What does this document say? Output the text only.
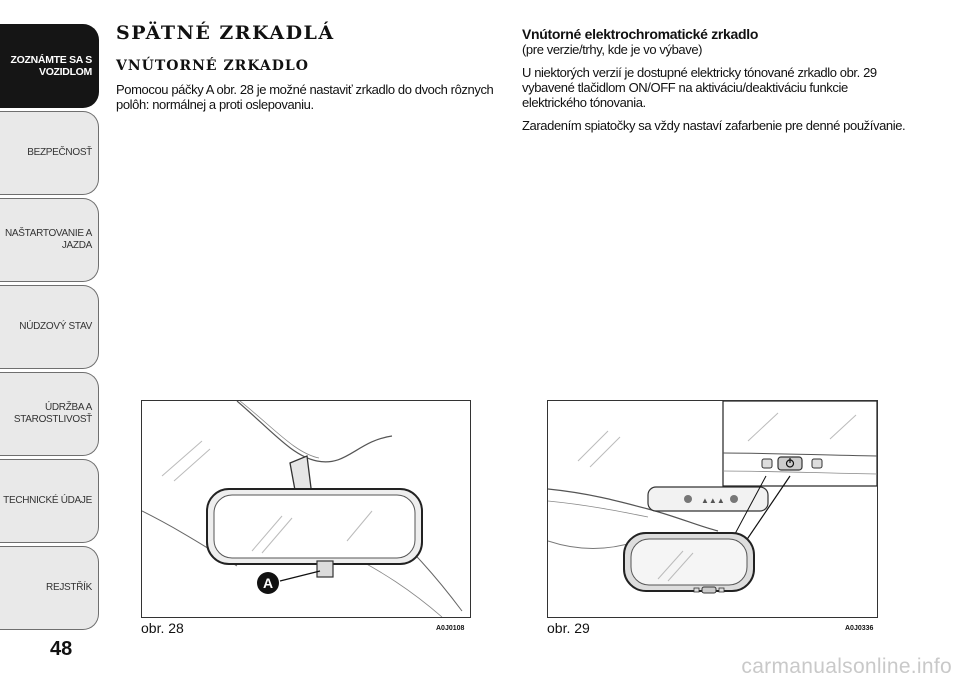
ZOZNÁMTE SA S
VOZIDLOM
BEZPEČNOSŤ
NAŠTARTOVANIE A
JAZDA
NÚDZOVÝ STAV
ÚDRŽBA A
STAROSTLIVOSŤ
TECHNICKÉ ÚDAJE
REJSTŘÍK
48
SPÄTNÉ ZRKADLÁ
VNÚTORNÉ ZRKADLO

Pomocou páčky A obr. 28 je možné nastaviť zrkadlo do dvoch rôznych polôh: normálnej a proti oslepovaniu.

Vnútorné elektrochromatické zrkadlo

(pre verzie/trhy, kde je vo výbave)

U niektorých verzií je dostupné elektricky tónované zrkadlo obr. 29 vybavené tlačidlom ON/OFF na aktiváciu/deaktiváciu funkcie elektrického tónovania.

Zaradením spiatočky sa vždy nastaví zafarbenie pre denné používanie.

A
obr. 28	A0J0108
▲▲▲
obr. 29	A0J0336
carmanualsonline.info
